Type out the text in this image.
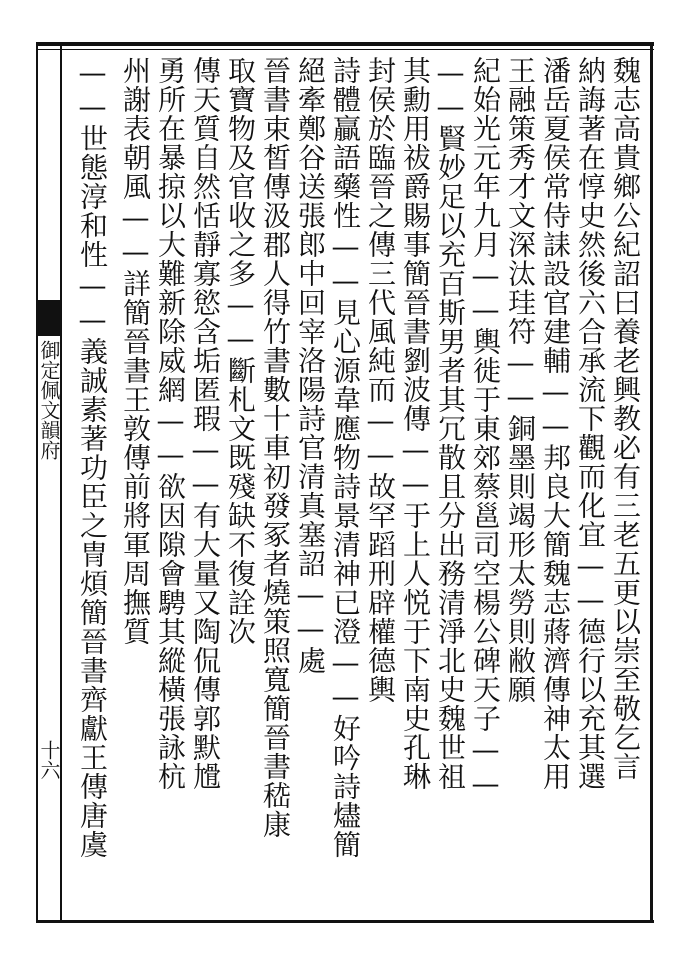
魏志高貴鄉公紀詔曰養老興教必有三老五更以崇至敬乞言
納誨著在惇史然後六合承流下觀而化宜——德行以充其選
潘岳夏侯常侍誄設官建輔——邦良大簡魏志蔣濟傳神太用
王融策秀才文深汰珪符——銅墨則竭形太勞則敝願
紀始光元年九月——輿徙于東郊蔡邕司空楊公碑天子——
——賢妙足以充百斯男者其冗散且分出務清淨北史魏世祖
其勳用祓爵賜事簡晉書劉波傳——于上人悦于下南史孔琳
封侯於臨晉之傳三代風純而——故罕蹈刑辟權德輿
詩體贏語藥性——見心源韋應物詩景清神已澄——好吟詩燼簡
絕牽鄭谷送張郎中回宰洛陽詩官清真塞詔——處
晉書束皙傳汲郡人得竹書數十車初發冢者燒策照寬簡晉書嵇康
取寶物及官收之多——斷札文既殘缺不復詮次
傳天質自然恬靜寡慾含垢匿瑕——有大量又陶侃傳郭默尳
勇所在暴掠以大難新除威網——欲因隙會騁其縱橫張詠杭
州謝表朝風——詳簡晉書王敦傳前將軍周撫質
——世態淳和性——義誠素著功臣之冑煩簡晉書齊獻王傳唐虞
御定佩文韻府
十六
